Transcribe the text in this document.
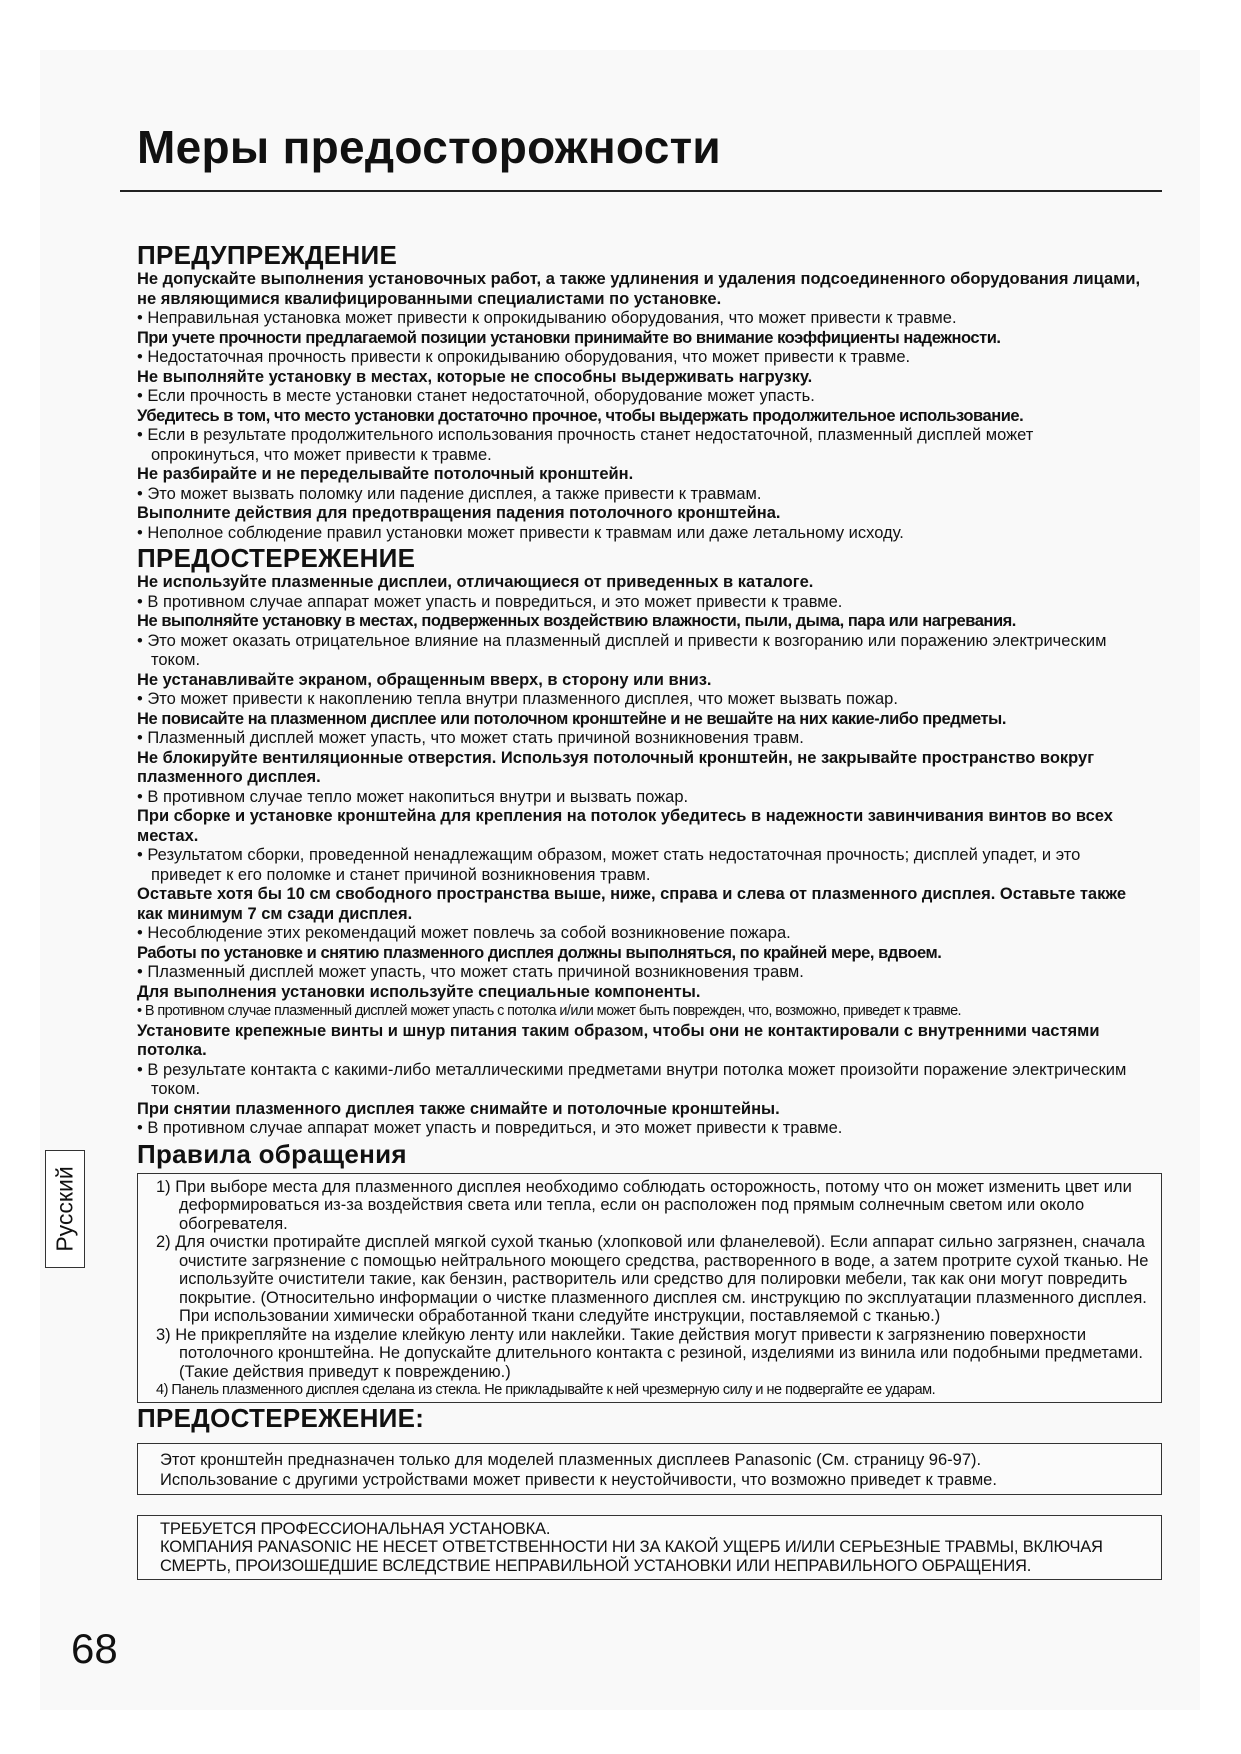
Меры предосторожности
ПРЕДУПРЕЖДЕНИЕ

Не допускайте выполнения установочных работ, а также удлинения и удаления подсоединенного оборудования лицами, не являющимися квалифицированными специалистами по установке.

• Неправильная установка может привести к опрокидыванию оборудования, что может привести к травме.

При учете прочности предлагаемой позиции установки принимайте во внимание коэффициенты надежности.

• Недостаточная прочность привести к опрокидыванию оборудования, что может привести к травме.

Не выполняйте установку в местах, которые не способны выдерживать нагрузку.

• Если прочность в месте установки станет недостаточной, оборудование может упасть.

Убедитесь в том, что место установки достаточно прочное, чтобы выдержать продолжительное использование.

• Если в результате продолжительного использования прочность станет недостаточной, плазменный дисплей может опрокинуться, что может привести к травме.

Не разбирайте и не переделывайте потолочный кронштейн.

• Это может вызвать поломку или падение дисплея, а также привести к травмам.

Выполните действия для предотвращения падения потолочного кронштейна.

• Неполное соблюдение правил установки может привести к травмам или даже летальному исходу.

ПРЕДОСТЕРЕЖЕНИЕ

Не используйте плазменные дисплеи, отличающиеся от приведенных в каталоге.

• В противном случае аппарат может упасть и повредиться, и это может привести к травме.

Не выполняйте установку в местах, подверженных воздействию влажности, пыли, дыма, пара или нагревания.

• Это может оказать отрицательное влияние на плазменный дисплей и привести к возгоранию или поражению электрическим током.

Не устанавливайте экраном, обращенным вверх, в сторону или вниз.

• Это может привести к накоплению тепла внутри плазменного дисплея, что может вызвать пожар.

Не повисайте на плазменном дисплее или потолочном кронштейне и не вешайте на них какие-либо предметы.

• Плазменный дисплей может упасть, что может стать причиной возникновения травм.

Не блокируйте вентиляционные отверстия. Используя потолочный кронштейн, не закрывайте пространство вокруг плазменного дисплея.

• В противном случае тепло может накопиться внутри и вызвать пожар.

При сборке и установке кронштейна для крепления на потолок убедитесь в надежности завинчивания винтов во всех местах.

• Результатом сборки, проведенной ненадлежащим образом, может стать недостаточная прочность; дисплей упадет, и это приведет к его поломке и станет причиной возникновения травм.

Оставьте хотя бы 10 см свободного пространства выше, ниже, справа и слева от плазменного дисплея. Оставьте также как минимум 7 см сзади дисплея.

• Несоблюдение этих рекомендаций может повлечь за собой возникновение пожара.

Работы по установке и снятию плазменного дисплея должны выполняться, по крайней мере, вдвоем.

• Плазменный дисплей может упасть, что может стать причиной возникновения травм.

Для выполнения установки используйте специальные компоненты.

• В противном случае плазменный дисплей может упасть с потолка и/или может быть поврежден, что, возможно, приведет к травме.

Установите крепежные винты и шнур питания таким образом, чтобы они не контактировали с внутренними частями потолка.

• В результате контакта с какими-либо металлическими предметами внутри потолка может произойти поражение электрическим током.

При снятии плазменного дисплея также снимайте и потолочные кронштейны.

• В противном случае аппарат может упасть и повредиться, и это может привести к травме.

Правила обращения

1) При выборе места для плазменного дисплея необходимо соблюдать осторожность, потому что он может изменить цвет или деформироваться из-за воздействия света или тепла, если он расположен под прямым солнечным светом или около обогревателя.

2) Для очистки протирайте дисплей мягкой сухой тканью (хлопковой или фланелевой). Если аппарат сильно загрязнен, сначала очистите загрязнение с помощью нейтрального моющего средства, растворенного в воде, а затем протрите сухой тканью. Не используйте очистители такие, как бензин, растворитель или средство для полировки мебели, так как они могут повредить покрытие. (Относительно информации о чистке плазменного дисплея см. инструкцию по эксплуатации плазменного дисплея. При использовании химически обработанной ткани следуйте инструкции, поставляемой с тканью.)

3) Не прикрепляйте на изделие клейкую ленту или наклейки. Такие действия могут привести к загрязнению поверхности потолочного кронштейна. Не допускайте длительного контакта с резиной, изделиями из винила или подобными предметами. (Такие действия приведут к повреждению.)

4) Панель плазменного дисплея сделана из стекла. Не прикладывайте к ней чрезмерную силу и не подвергайте ее ударам.

ПРЕДОСТЕРЕЖЕНИЕ:

Этот кронштейн предназначен только для моделей плазменных дисплеев Panasonic (См. страницу 96-97).

Использование с другими устройствами может привести к неустойчивости, что возможно приведет к травме.

ТРЕБУЕТСЯ ПРОФЕССИОНАЛЬНАЯ УСТАНОВКА.

КОМПАНИЯ PANASONIC НЕ НЕСЕТ ОТВЕТСТВЕННОСТИ НИ ЗА КАКОЙ УЩЕРБ И/ИЛИ СЕРЬЕЗНЫЕ ТРАВМЫ, ВКЛЮЧАЯ СМЕРТЬ, ПРОИЗОШЕДШИЕ ВСЛЕДСТВИЕ НЕПРАВИЛЬНОЙ УСТАНОВКИ ИЛИ НЕПРАВИЛЬНОГО ОБРАЩЕНИЯ.

Русский
68
